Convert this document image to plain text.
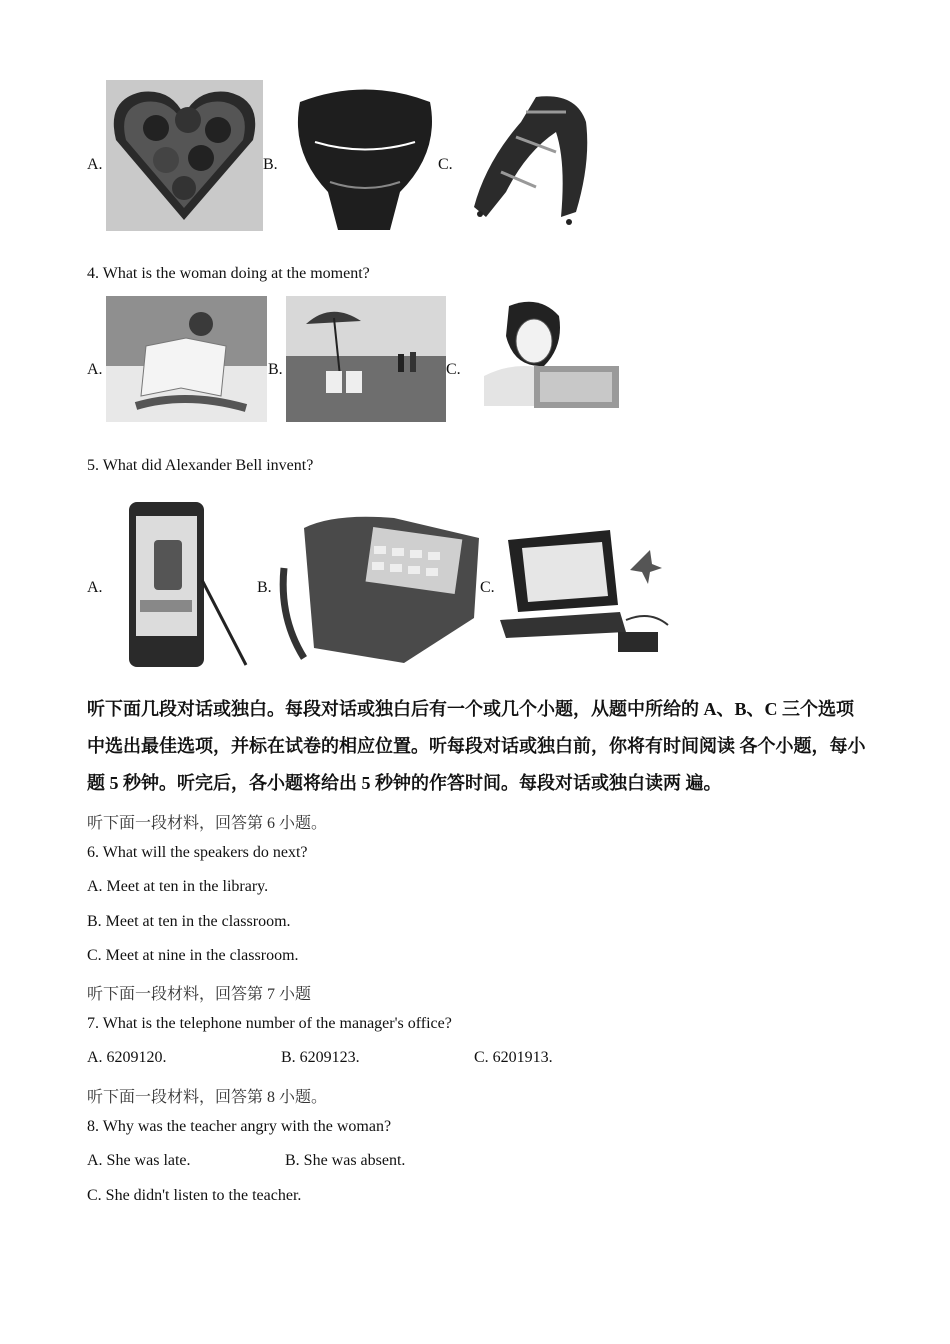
A.	B.	C.
4. What is the woman doing at the moment?
A.	B.	C.
5. What did Alexander Bell invent?
A.	B.	C.
听下面几段对话或独白。每段对话或独白后有一个或几个小题，从题中所给的 A、B、C 三个选项中选出最佳选项，并标在试卷的相应位置。听每段对话或独白前，你将有时间阅读 各个小题，每小题 5 秒钟。听完后，各小题将给出 5 秒钟的作答时间。每段对话或独白读两 遍。
听下面一段材料，回答第 6 小题。
6. What will the speakers do next?
A. Meet at ten in the library.
B. Meet at ten in the classroom.
C. Meet at nine in the classroom.
听下面一段材料，回答第 7 小题
7. What is the telephone number of the manager's office?
A. 6209120.	B. 6209123.	C. 6201913.
听下面一段材料，回答第 8 小题。
8. Why was the teacher angry with the woman?
A. She was late.	B. She was absent.
C. She didn't listen to the teacher.
